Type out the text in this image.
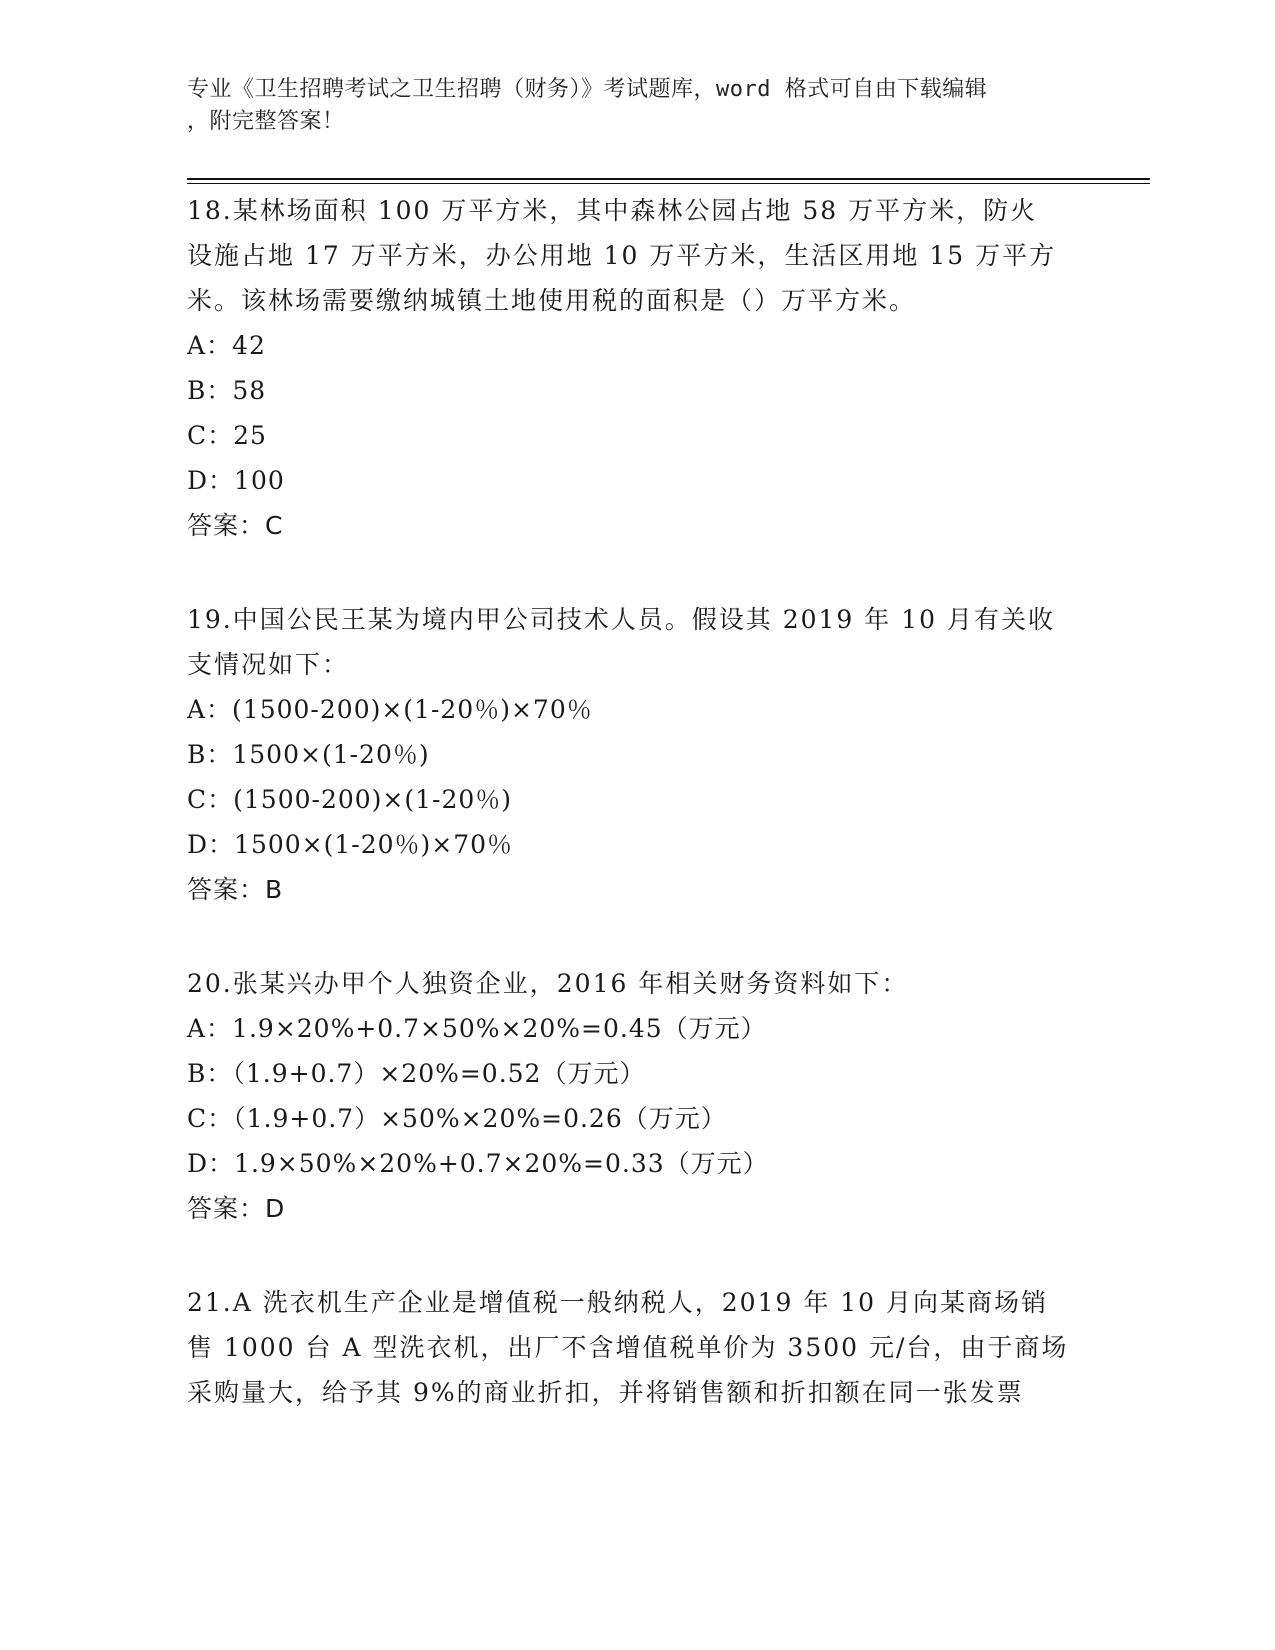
专业《卫生招聘考试之卫生招聘（财务）》考试题库，word 格式可自由下载编辑
，附完整答案！

18.某林场面积 100 万平方米，其中森林公园占地 58 万平方米，防火

设施占地 17 万平方米，办公用地 10 万平方米，生活区用地 15 万平方

米。该林场需要缴纳城镇土地使用税的面积是（）万平方米。

A：42

B：58

C：25

D：100

答案：C

19.中国公民王某为境内甲公司技术人员。假设其 2019 年 10 月有关收

支情况如下：

A：(1500-200)×(1-20％)×70％

B：1500×(1-20％)

C：(1500-200)×(1-20％)

D：1500×(1-20％)×70％

答案：B

20.张某兴办甲个人独资企业，2016 年相关财务资料如下：

A：1.9×20%+0.7×50%×20%=0.45（万元）

B：（1.9+0.7）×20%=0.52（万元）

C：（1.9+0.7）×50%×20%=0.26（万元）

D：1.9×50%×20%+0.7×20%=0.33（万元）

答案：D

21.A 洗衣机生产企业是增值税一般纳税人，2019 年 10 月向某商场销

售 1000 台 A 型洗衣机，出厂不含增值税单价为 3500 元/台，由于商场

采购量大，给予其 9%的商业折扣，并将销售额和折扣额在同一张发票
